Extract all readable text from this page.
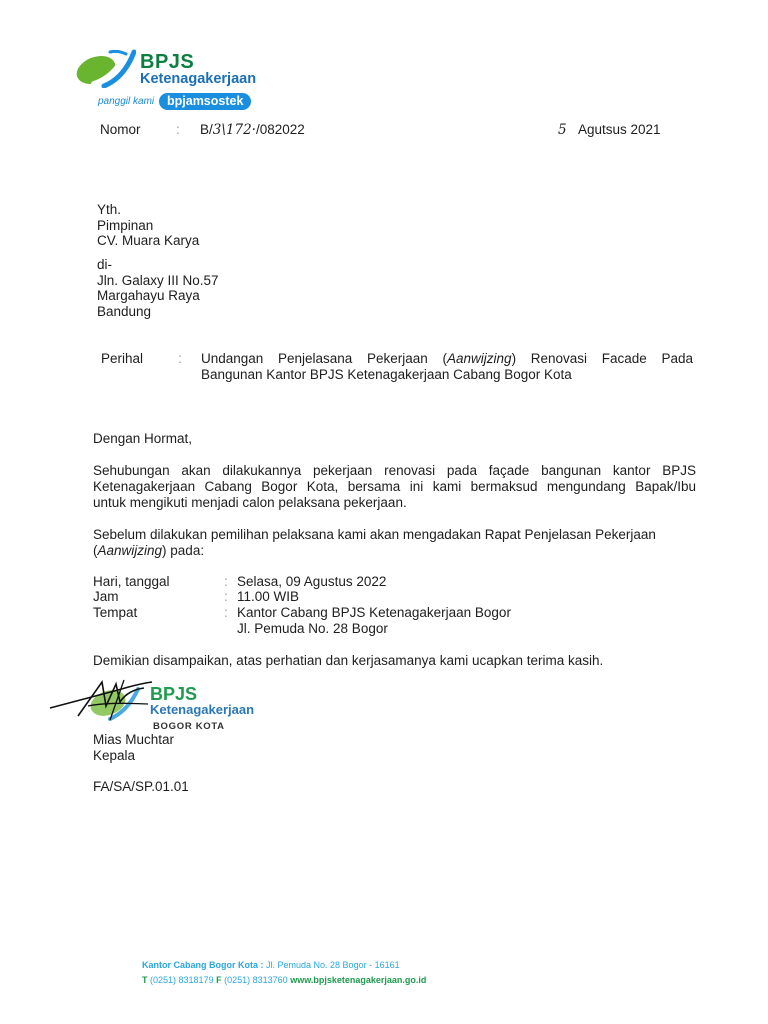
BPJS
Ketenagakerjaan
panggil kami	bpjamsostek
Nomor	: B/3\172·/082022	5 Agutsus 2021
Yth.
Pimpinan
CV. Muara Karya
di-
Jln. Galaxy III No.57
Margahayu Raya
Bandung
Perihal	: Undangan Penjelasana Pekerjaan (Aanwijzing) Renovasi Facade Pada
Bangunan Kantor BPJS Ketenagakerjaan Cabang Bogor Kota
Dengan Hormat,
Sehubungan akan dilakukannya pekerjaan renovasi pada façade bangunan kantor BPJS
Ketenagakerjaan Cabang Bogor Kota, bersama ini kami bermaksud mengundang Bapak/Ibu
untuk mengikuti menjadi calon pelaksana pekerjaan.
Sebelum dilakukan pemilihan pelaksana kami akan mengadakan Rapat Penjelasan Pekerjaan
(Aanwijzing) pada:
Hari, tanggal	: Selasa, 09 Agustus 2022
Jam	: 11.00 WIB
Tempat	: Kantor Cabang BPJS Ketenagakerjaan Bogor
Jl. Pemuda No. 28 Bogor
Demikian disampaikan, atas perhatian dan kerjasamanya kami ucapkan terima kasih.
BPJS
Ketenagakerjaan
BOGOR KOTA
Mias Muchtar
Kepala
FA/SA/SP.01.01
Kantor Cabang Bogor Kota : Jl. Pemuda No. 28 Bogor - 16161
T (0251) 8318179 F (0251) 8313760 www.bpjsketenagakerjaan.go.id
